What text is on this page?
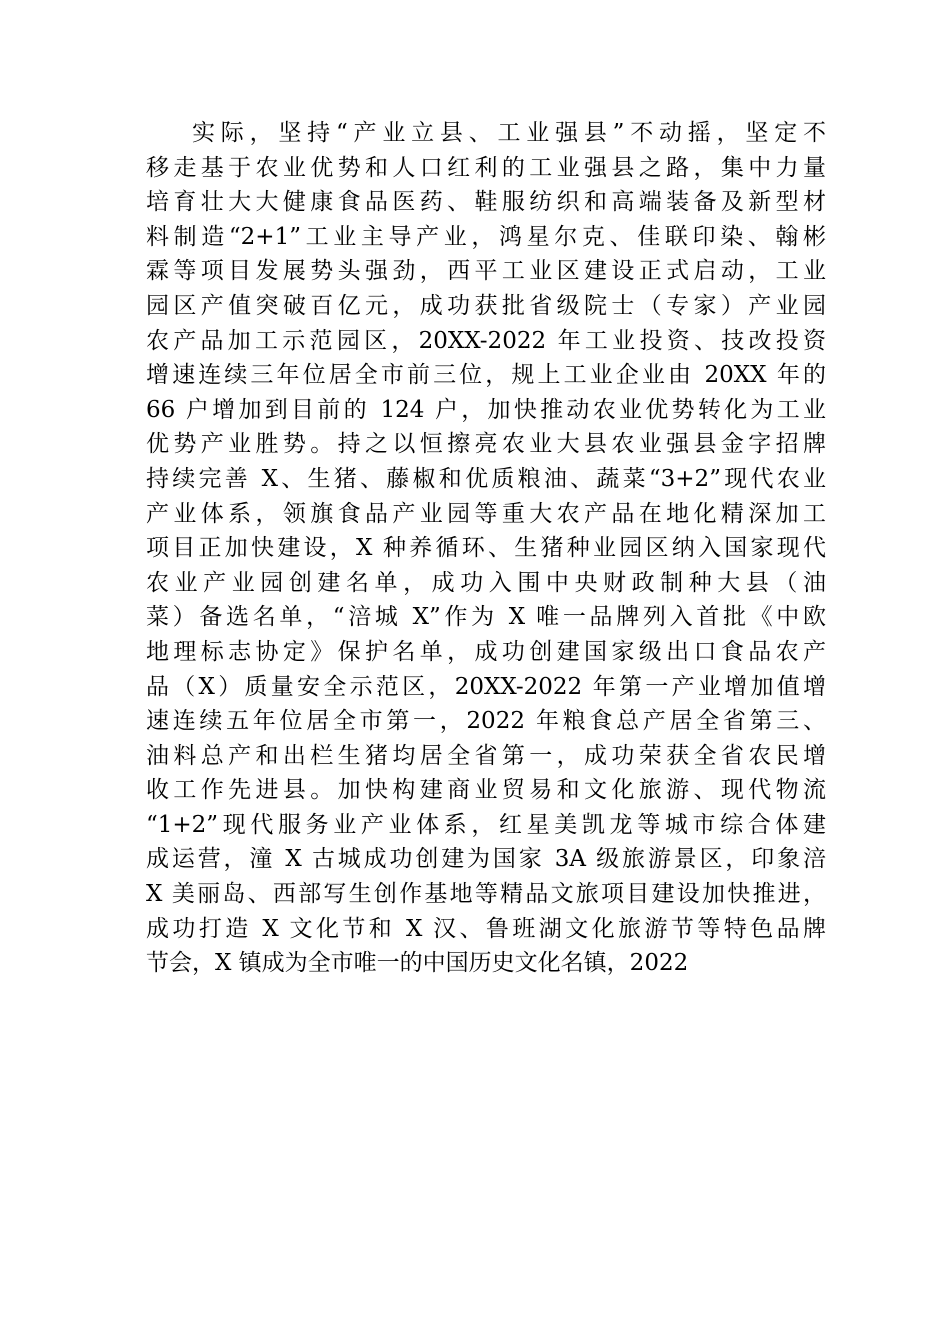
实际，坚持“产业立县、工业强县”不动摇，坚定不
移走基于农业优势和人口红利的工业强县之路，集中力量
培育壮大大健康食品医药、鞋服纺织和高端装备及新型材
料制造“2+1”工业主导产业，鸿星尔克、佳联印染、翰彬
霖等项目发展势头强劲，西平工业区建设正式启动，工业
园区产值突破百亿元，成功获批省级院士（专家）产业园
农产品加工示范园区，20XX-2022 年工业投资、技改投资
增速连续三年位居全市前三位，规上工业企业由 20XX 年的
66 户增加到目前的 124 户，加快推动农业优势转化为工业
优势产业胜势。持之以恒擦亮农业大县农业强县金字招牌
持续完善 X、生猪、藤椒和优质粮油、蔬菜“3+2”现代农业
产业体系，领旗食品产业园等重大农产品在地化精深加工
项目正加快建设，X 种养循环、生猪种业园区纳入国家现代
农业产业园创建名单，成功入围中央财政制种大县（油
菜）备选名单，“涪城 X”作为 X 唯一品牌列入首批《中欧
地理标志协定》保护名单，成功创建国家级出口食品农产
品（X）质量安全示范区，20XX-2022 年第一产业增加值增
速连续五年位居全市第一，2022 年粮食总产居全省第三、
油料总产和出栏生猪均居全省第一，成功荣获全省农民增
收工作先进县。加快构建商业贸易和文化旅游、现代物流
“1+2”现代服务业产业体系，红星美凯龙等城市综合体建
成运营，潼 X 古城成功创建为国家 3A 级旅游景区，印象涪
X 美丽岛、西部写生创作基地等精品文旅项目建设加快推进，
成功打造 X 文化节和 X 汉、鲁班湖文化旅游节等特色品牌
节会，X 镇成为全市唯一的中国历史文化名镇，2022
